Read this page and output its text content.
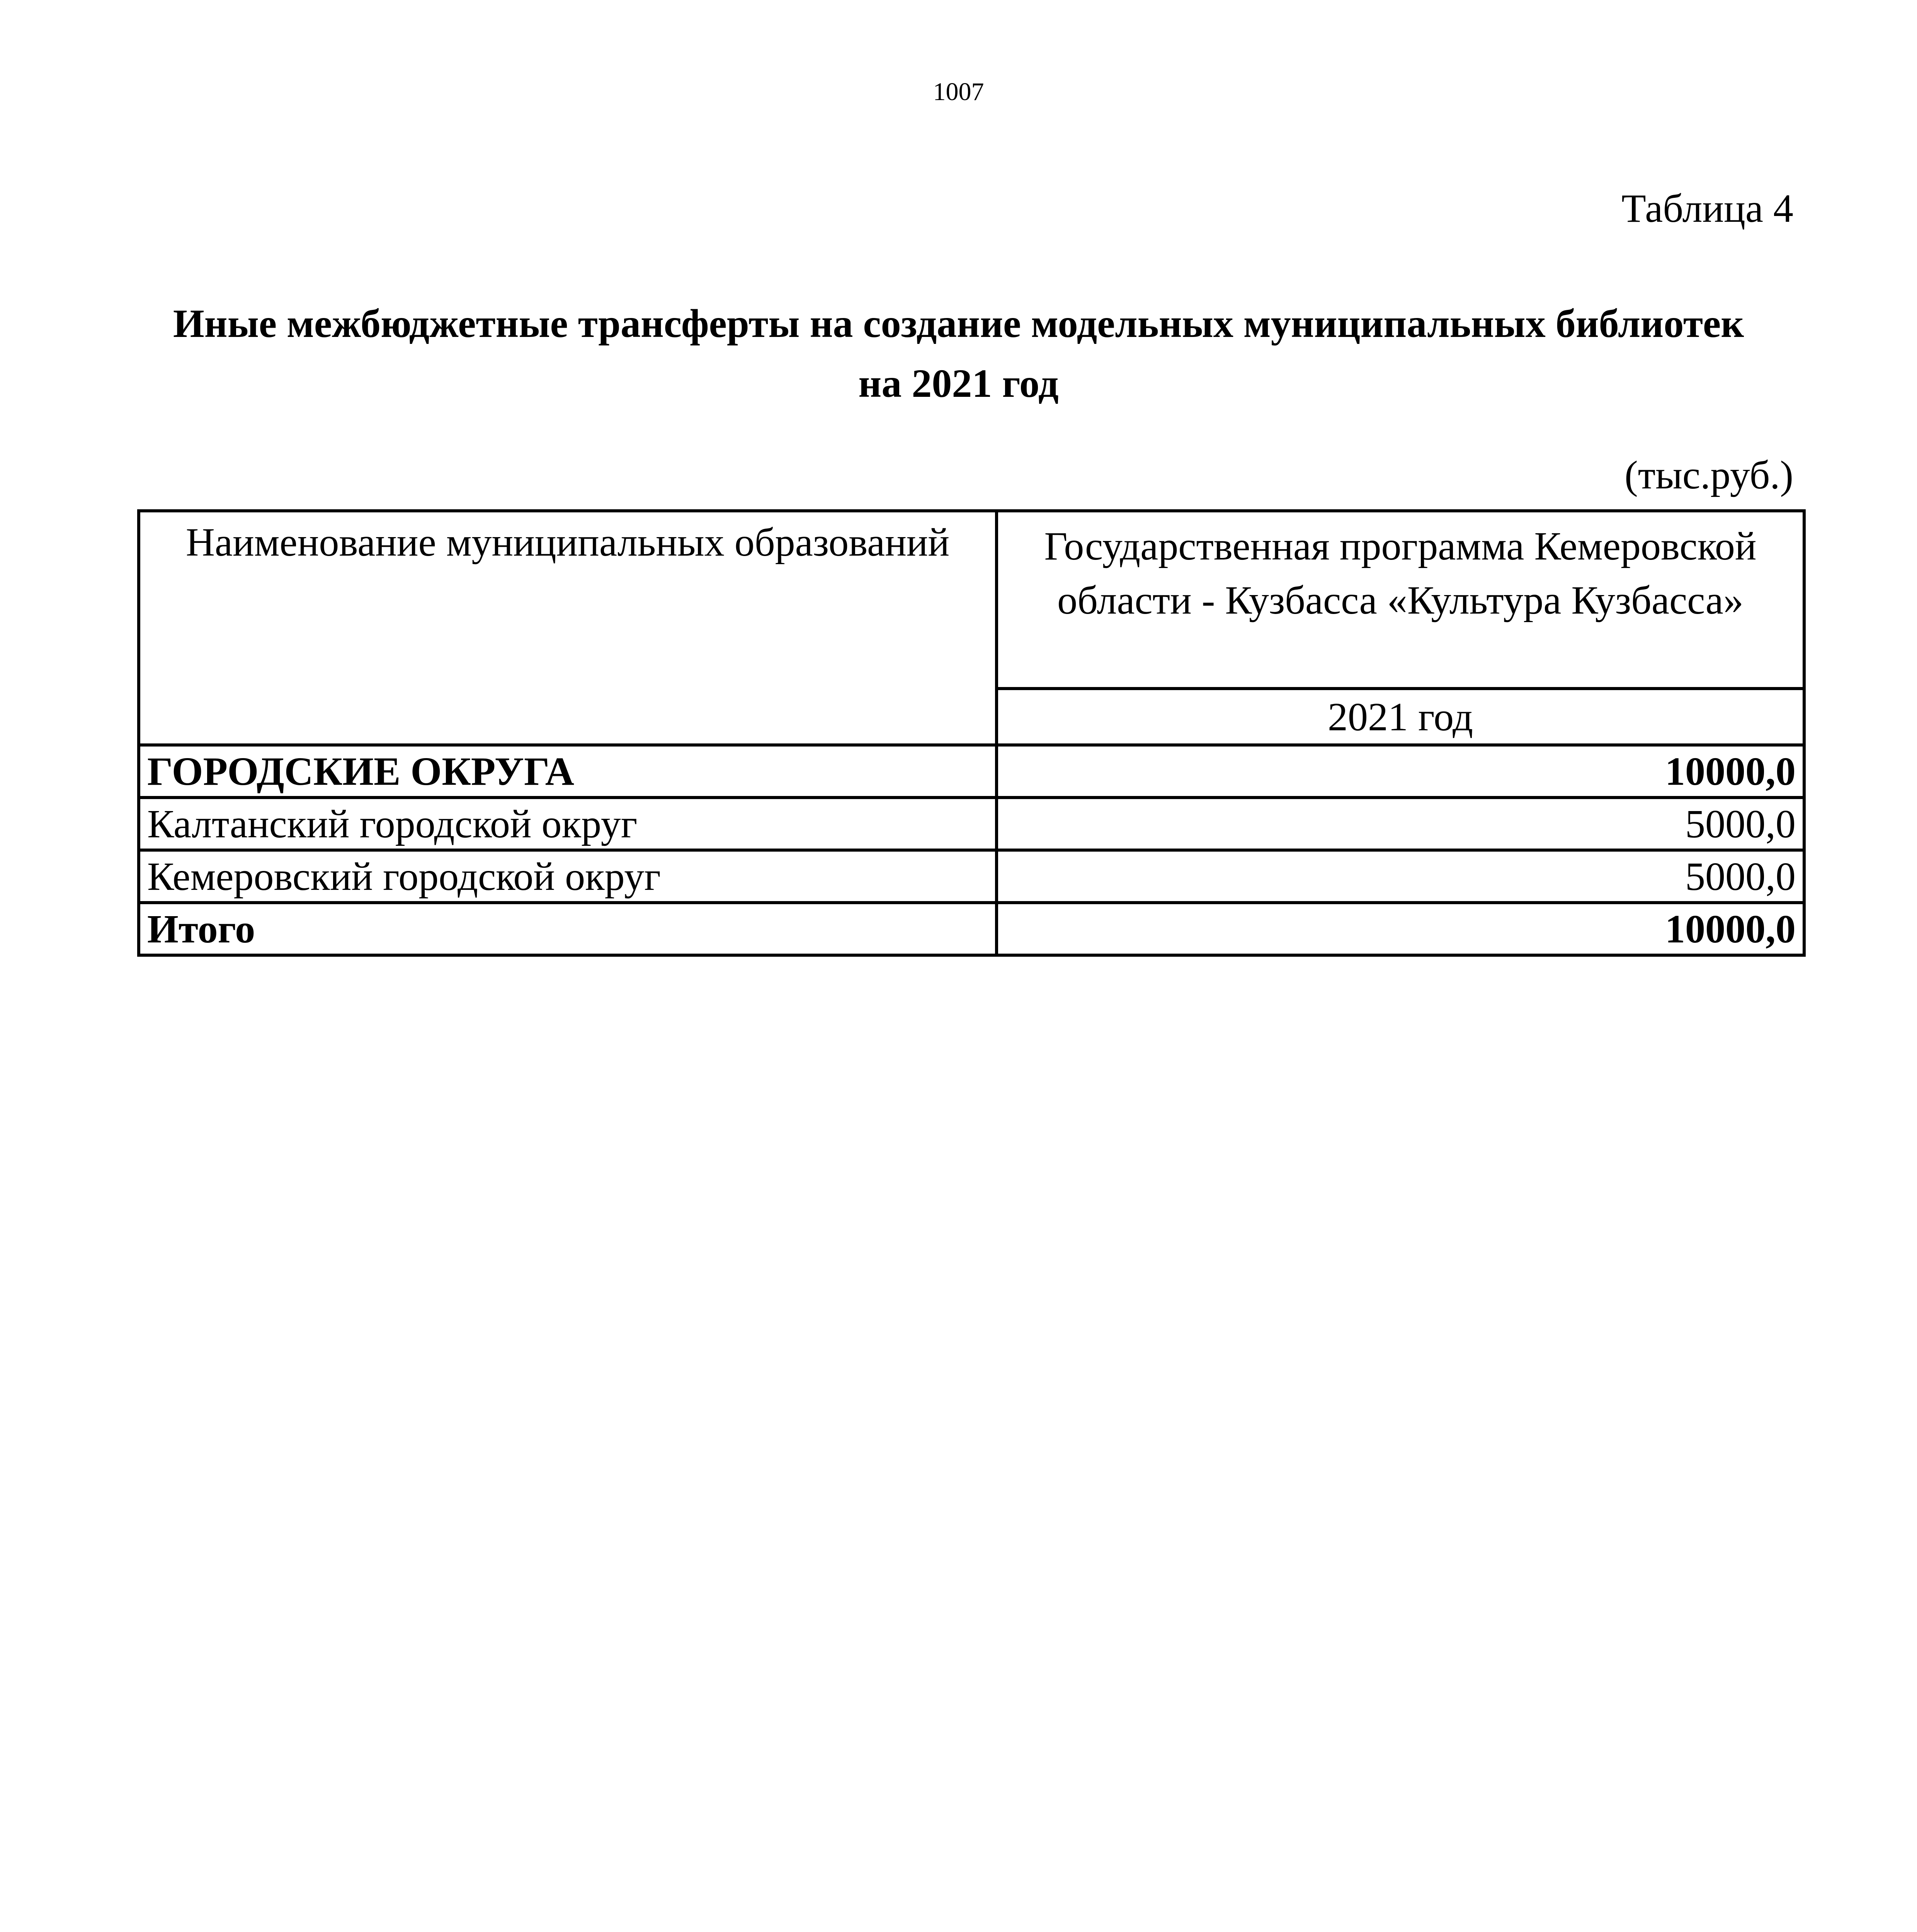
1007
Таблица 4
Иные межбюджетные трансферты на создание модельных муниципальных библиотек
на 2021 год
(тыс.руб.)
Наименование муниципальных образований	Государственная программа Кемеровской области - Кузбасса «Культура Кузбасса»
	2021 год
ГОРОДСКИЕ ОКРУГА	10000,0
Калтанский городской округ	5000,0
Кемеровский городской округ	5000,0
Итого	10000,0
